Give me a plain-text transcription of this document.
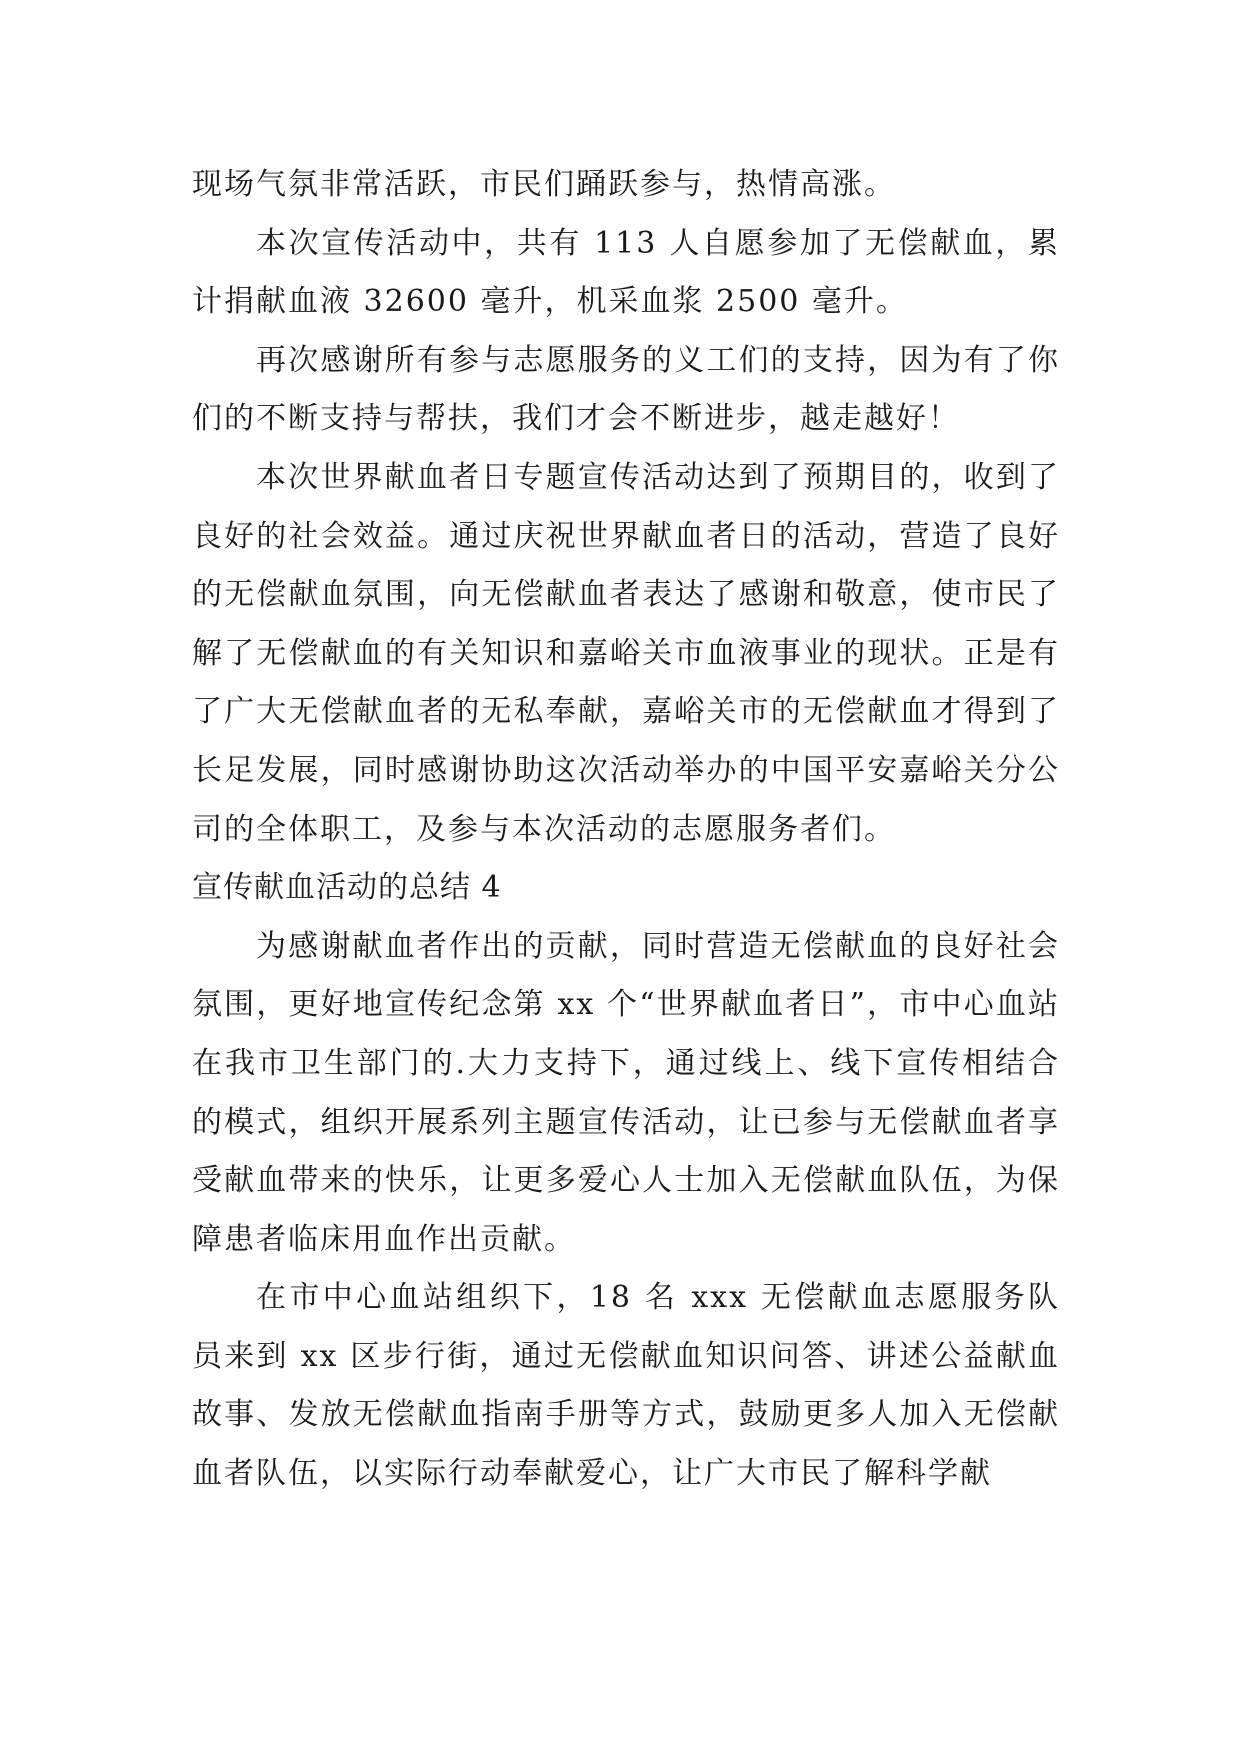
现场气氛非常活跃，市民们踊跃参与，热情高涨。

本次宣传活动中，共有 113 人自愿参加了无偿献血，累计捐献血液 32600 毫升，机采血浆 2500 毫升。

再次感谢所有参与志愿服务的义工们的支持，因为有了你们的不断支持与帮扶，我们才会不断进步，越走越好！

本次世界献血者日专题宣传活动达到了预期目的，收到了良好的社会效益。通过庆祝世界献血者日的活动，营造了良好的无偿献血氛围，向无偿献血者表达了感谢和敬意，使市民了解了无偿献血的有关知识和嘉峪关市血液事业的现状。正是有了广大无偿献血者的无私奉献，嘉峪关市的无偿献血才得到了长足发展，同时感谢协助这次活动举办的中国平安嘉峪关分公司的全体职工，及参与本次活动的志愿服务者们。

宣传献血活动的总结 4

为感谢献血者作出的贡献，同时营造无偿献血的良好社会氛围，更好地宣传纪念第 xx 个“世界献血者日”，市中心血站在我市卫生部门的.大力支持下，通过线上、线下宣传相结合的模式，组织开展系列主题宣传活动，让已参与无偿献血者享受献血带来的快乐，让更多爱心人士加入无偿献血队伍，为保障患者临床用血作出贡献。

在市中心血站组织下，18 名 xxx 无偿献血志愿服务队员来到 xx 区步行街，通过无偿献血知识问答、讲述公益献血故事、发放无偿献血指南手册等方式，鼓励更多人加入无偿献血者队伍，以实际行动奉献爱心，让广大市民了解科学献
